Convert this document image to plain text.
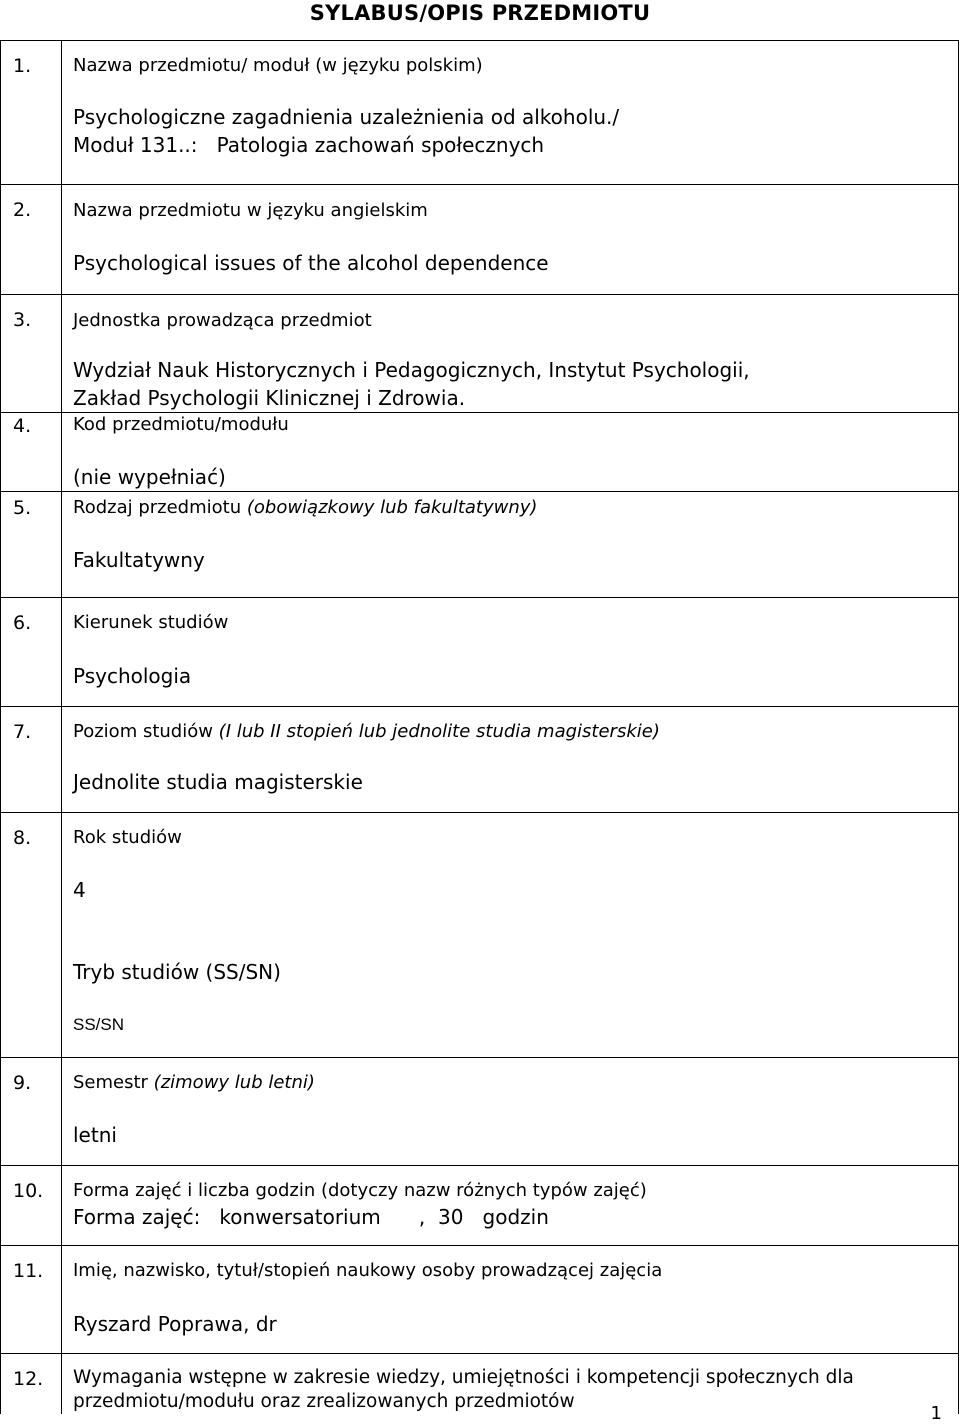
SYLABUS/OPIS PRZEDMIOTU
1.	Nazwa przedmiotu/ moduł (w języku polskim)
Psychologiczne zagadnienia uzależnienia od alkoholu./
Moduł 131..:   Patologia zachowań społecznych

2.	Nazwa przedmiotu w języku angielskim
Psychological issues of the alcohol dependence

3.	Jednostka prowadząca przedmiot
Wydział Nauk Historycznych i Pedagogicznych, Instytut Psychologii,
Zakład Psychologii Klinicznej i Zdrowia.

4.	Kod przedmiotu/modułu
(nie wypełniać)

5.	Rodzaj przedmiotu (obowiązkowy lub fakultatywny)
Fakultatywny

6.	Kierunek studiów
Psychologia

7.	Poziom studiów (I lub II stopień lub jednolite studia magisterskie)
Jednolite studia magisterskie

8.	Rok studiów
4
Tryb studiów (SS/SN)
SS/SN

9.	Semestr (zimowy lub letni)
letni

10.	Forma zajęć i liczba godzin (dotyczy nazw różnych typów zajęć)
Forma zajęć:   konwersatorium      ,  30   godzin

11.	Imię, nazwisko, tytuł/stopień naukowy osoby prowadzącej zajęcia
Ryszard Poprawa, dr

12.	Wymagania wstępne w zakresie wiedzy, umiejętności i kompetencji społecznych dla
przedmiotu/modułu oraz zrealizowanych przedmiotów
1
